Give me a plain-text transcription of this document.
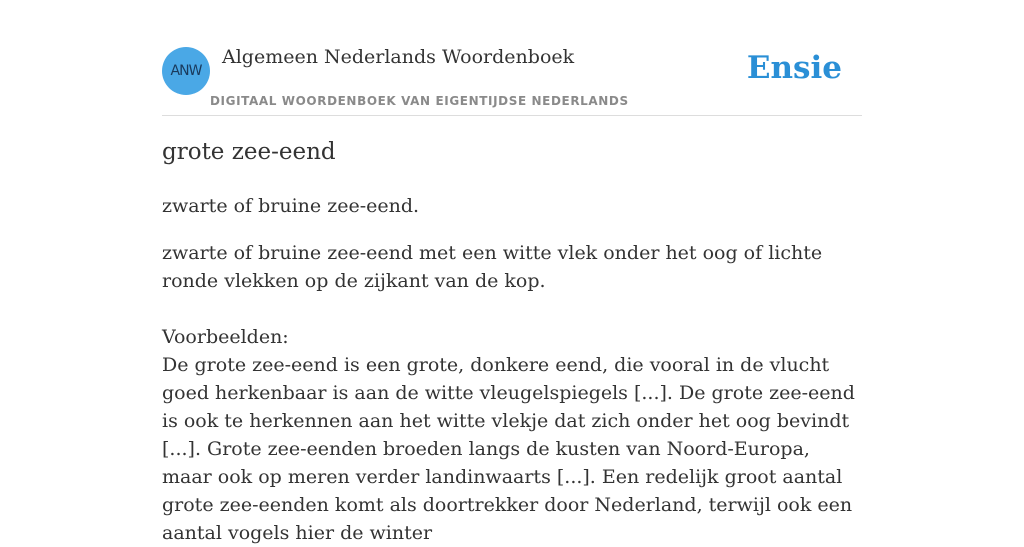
ANW
Algemeen Nederlands Woordenboek
DIGITAAL WOORDENBOEK VAN EIGENTIJDSE NEDERLANDS
Ensie
grote zee-eend
zwarte of bruine zee-eend.
zwarte of bruine zee-eend met een witte vlek onder het oog of lichte ronde vlekken op de zijkant van de kop.
Voorbeelden:
De grote zee-eend is een grote, donkere eend, die vooral in de vlucht goed herkenbaar is aan de witte vleugelspiegels [...]. De grote zee-eend is ook te herkennen aan het witte vlekje dat zich onder het oog bevindt [...]. Grote zee-eenden broeden langs de kusten van Noord-Europa, maar ook op meren verder landinwaarts [...]. Een redelijk groot aantal grote zee-eenden komt als doortrekker door Nederland, terwijl ook een aantal vogels hier de winter
